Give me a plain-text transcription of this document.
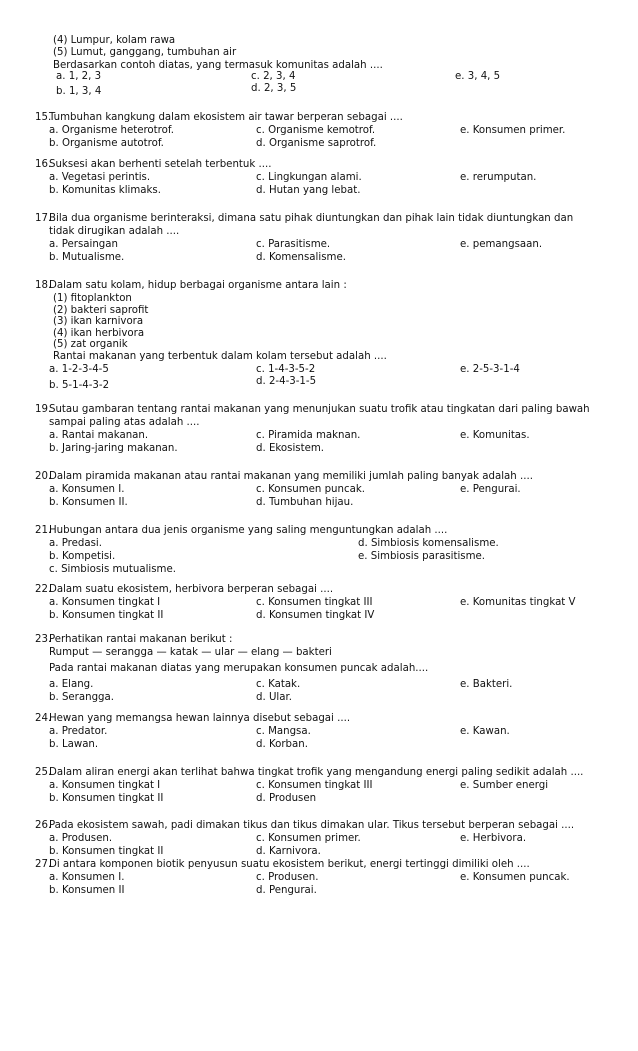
(4) Lumpur, kolam rawa
(5) Lumut, ganggang, tumbuhan air
Berdasarkan contoh diatas, yang termasuk komunitas adalah ....
a. 1, 2, 3	c. 2, 3, 4	e. 3, 4, 5
b. 1, 3, 4	d. 2, 3, 5
15.
Tumbuhan kangkung dalam ekosistem air tawar berperan sebagai ....
a. Organisme heterotrof.	c. Organisme kemotrof.	e. Konsumen primer.
b. Organisme autotrof.	d. Organisme saprotrof.
16.
Suksesi akan berhenti setelah terbentuk ....
a. Vegetasi perintis.	c. Lingkungan alami.	e. rerumputan.
b. Komunitas klimaks.	d. Hutan yang lebat.
17.
Bila dua organisme berinteraksi, dimana satu pihak diuntungkan dan pihak lain tidak diuntungkan dan
tidak dirugikan adalah ....
a. Persaingan	c. Parasitisme.	e. pemangsaan.
b. Mutualisme.	d. Komensalisme.
18.
Dalam satu kolam, hidup berbagai organisme antara lain :
(1) fitoplankton
(2) bakteri saprofit
(3) ikan karnivora
(4) ikan herbivora
(5) zat organik
Rantai makanan yang terbentuk dalam kolam tersebut adalah ....
a. 1-2-3-4-5	c. 1-4-3-5-2	e. 2-5-3-1-4
b. 5-1-4-3-2	d. 2-4-3-1-5
19.
Sutau gambaran tentang rantai makanan yang menunjukan suatu trofik atau tingkatan dari paling bawah
sampai paling atas adalah ....
a. Rantai makanan.	c. Piramida maknan.	e. Komunitas.
b. Jaring-jaring makanan.	d. Ekosistem.
20.
Dalam piramida makanan atau rantai makanan yang memiliki jumlah paling banyak adalah ....
a. Konsumen I.	c. Konsumen puncak.	e. Pengurai.
b. Konsumen II.	d. Tumbuhan hijau.
21.
Hubungan antara dua jenis organisme yang saling menguntungkan adalah ....
a. Predasi.	d. Simbiosis komensalisme.
b. Kompetisi.	e. Simbiosis parasitisme.
c. Simbiosis mutualisme.
22.
Dalam suatu ekosistem, herbivora berperan sebagai ....
a. Konsumen tingkat I	c. Konsumen tingkat III	e. Komunitas tingkat V
b. Konsumen tingkat II	d. Konsumen tingkat IV
23.
Perhatikan rantai makanan berikut :
Rumput — serangga — katak — ular — elang — bakteri
Pada rantai makanan diatas yang merupakan konsumen puncak adalah....
a. Elang.	c. Katak.	e. Bakteri.
b. Serangga.	d. Ular.
24.
Hewan yang memangsa hewan lainnya disebut sebagai ....
a. Predator.	c. Mangsa.	e. Kawan.
b. Lawan.	d. Korban.
25.
Dalam aliran energi akan terlihat bahwa tingkat trofik yang mengandung energi paling sedikit adalah ....
a. Konsumen tingkat I	c. Konsumen tingkat III	e. Sumber energi
b. Konsumen tingkat II	d. Produsen
26.
Pada ekosistem sawah, padi dimakan tikus dan tikus dimakan ular. Tikus tersebut berperan sebagai ....
a. Produsen.	c. Konsumen primer.	e. Herbivora.
b. Konsumen tingkat II	d. Karnivora.
27.
Di antara komponen biotik penyusun suatu ekosistem berikut, energi tertinggi dimiliki oleh ....
a. Konsumen I.	c. Produsen.	e. Konsumen puncak.
b. Konsumen II	d. Pengurai.
